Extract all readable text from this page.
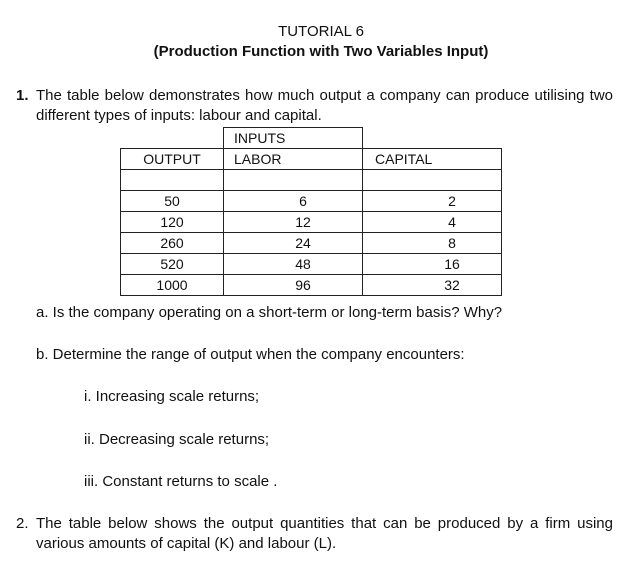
TUTORIAL 6
(Production Function with Two Variables Input)
1. The table below demonstrates how much output a company can produce utilising two different types of inputs: labour and capital.
	INPUTS	
OUTPUT	LABOR	CAPITAL

50	6	2
120	12	4
260	24	8
520	48	16
1000	96	32
a. Is the company operating on a short-term or long-term basis? Why?
b. Determine the range of output when the company encounters:
i. Increasing scale returns;
ii. Decreasing scale returns;
iii. Constant returns to scale .
2. The table below shows the output quantities that can be produced by a firm using various amounts of capital (K) and labour (L).
